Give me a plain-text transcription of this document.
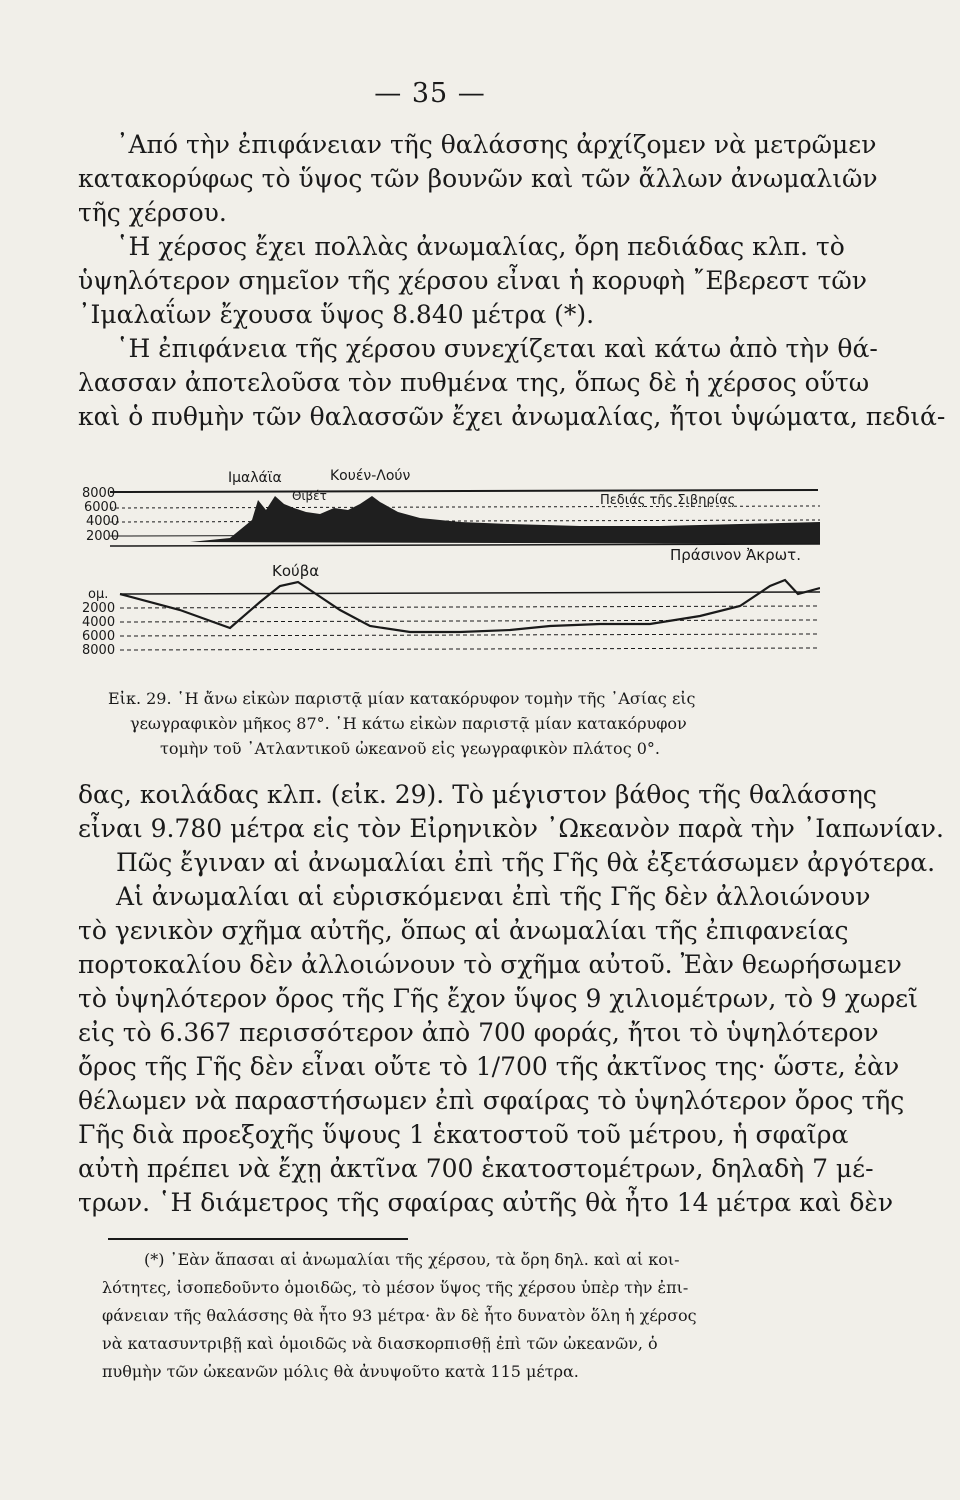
— 35 —
᾿Από τὴν ἐπιφάνειαν τῆς θαλάσσης ἀρχίζομεν νὰ μετρῶμεν
κατακορύφως τὸ ὕψος τῶν βουνῶν καὶ τῶν ἄλλων ἀνωμαλιῶν
τῆς χέρσου.
῾Η χέρσος ἔχει πολλὰς ἀνωμαλίας, ὄρη πεδιάδας κλπ. τὸ
ὑψηλότερον σημεῖον τῆς χέρσου εἶναι ἡ κορυφὴ ῎Εβερεστ τῶν
᾿Ιμαλαΐων ἔχουσα ὕψος 8.840 μέτρα (*).
῾Η ἐπιφάνεια τῆς χέρσου συνεχίζεται καὶ κάτω ἀπὸ τὴν θά-
λασσαν ἀποτελοῦσα τὸν πυθμένα της, ὅπως δὲ ἡ χέρσος οὕτω
καὶ ὁ πυθμὴν τῶν θαλασσῶν ἔχει ἀνωμαλίας, ἤτοι ὑψώματα, πεδιά-
Ιμαλάϊα	Κουέν-Λούν
Θιβέτ	Πεδιάς τῆς Σιβηρίας
8000
6000
4000
2000
Κούβα
Πράσινον Ἀκρωτ.
ομ.
2000
4000
6000
8000
Εἰκ. 29. ῾Η ἄνω εἰκὼν παριστᾷ μίαν κατακόρυφον τομὴν τῆς ᾿Ασίας εἰς
γεωγραφικὸν μῆκος 87°. ῾Η κάτω εἰκὼν παριστᾷ μίαν κατακόρυφον
τομὴν τοῦ ᾿Ατλαντικοῦ ὠκεανοῦ εἰς γεωγραφικὸν πλάτος 0°.
δας, κοιλάδας κλπ. (εἰκ. 29). Τὸ μέγιστον βάθος τῆς θαλάσσης
εἶναι 9.780 μέτρα εἰς τὸν Εἰρηνικὸν ᾿Ωκεανὸν παρὰ τὴν ᾿Ιαπωνίαν.
Πῶς ἔγιναν αἱ ἀνωμαλίαι ἐπὶ τῆς Γῆς θὰ ἐξετάσωμεν ἀργότερα.
Αἱ ἀνωμαλίαι αἱ εὑρισκόμεναι ἐπὶ τῆς Γῆς δὲν ἀλλοιώνουν
τὸ γενικὸν σχῆμα αὐτῆς, ὅπως αἱ ἀνωμαλίαι τῆς ἐπιφανείας
πορτοκαλίου δὲν ἀλλοιώνουν τὸ σχῆμα αὐτοῦ. Ἐὰν θεωρήσωμεν
τὸ ὑψηλότερον ὄρος τῆς Γῆς ἔχον ὕψος 9 χιλιομέτρων, τὸ 9 χωρεῖ
εἰς τὸ 6.367 περισσότερον ἀπὸ 700 φοράς, ἤτοι τὸ ὑψηλότερον
ὄρος τῆς Γῆς δὲν εἶναι οὔτε τὸ 1/700 τῆς ἀκτῖνος της· ὥστε, ἐὰν
θέλωμεν νὰ παραστήσωμεν ἐπὶ σφαίρας τὸ ὑψηλότερον ὄρος τῆς
Γῆς διὰ προεξοχῆς ὕψους 1 ἑκατοστοῦ τοῦ μέτρου, ἡ σφαῖρα
αὐτὴ πρέπει νὰ ἔχῃ ἀκτῖνα 700 ἑκατοστομέτρων, δηλαδὴ 7 μέ-
τρων. ῾Η διάμετρος τῆς σφαίρας αὐτῆς θὰ ἦτο 14 μέτρα καὶ δὲν
(*) ᾿Εὰν ἅπασαι αἱ ἀνωμαλίαι τῆς χέρσου, τὰ ὄρη δηλ. καὶ αἱ κοι-
λότητες, ἰσοπεδοῦντο ὁμοιδῶς, τὸ μέσον ὕψος τῆς χέρσου ὑπὲρ τὴν ἐπι-
φάνειαν τῆς θαλάσσης θὰ ἦτο 93 μέτρα· ἂν δὲ ἦτο δυνατὸν ὅλη ἡ χέρσος
νὰ κατασυντριβῇ καὶ ὁμοιδῶς νὰ διασκορπισθῇ ἐπὶ τῶν ὠκεανῶν, ὁ
πυθμὴν τῶν ὠκεανῶν μόλις θὰ ἀνυψοῦτο κατὰ 115 μέτρα.
